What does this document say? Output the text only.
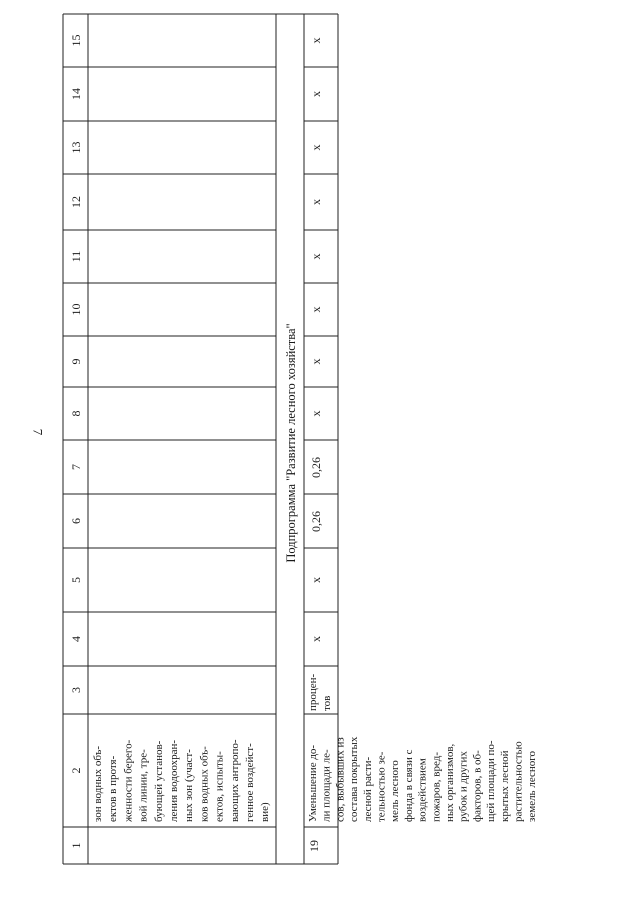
7
1
2
3
4
5
6
7
8
9
10
11
12
13
14
15
зон водных объ- ектов в протя- женности берего- вой линии, тре- бующей установ- ления водоохран- ных зон (участ- ков водных объ- ектов, испыты- вающих антропо- генное воздейст- вие)
Подпрограмма "Развитие лесного хозяйства"
19
Уменьшение до- ли площади ле- сов, выбывших из состава покрытых лесной расти- тельностью зе- мель лесного фонда в связи с воздействием пожаров, вред- ных организмов, рубок и других факторов, в об- щей площади по- крытых лесной растительностью земель лесного
процен- тов
х
х
0,26
0,26
х
х
х
х
х
х
х
х
